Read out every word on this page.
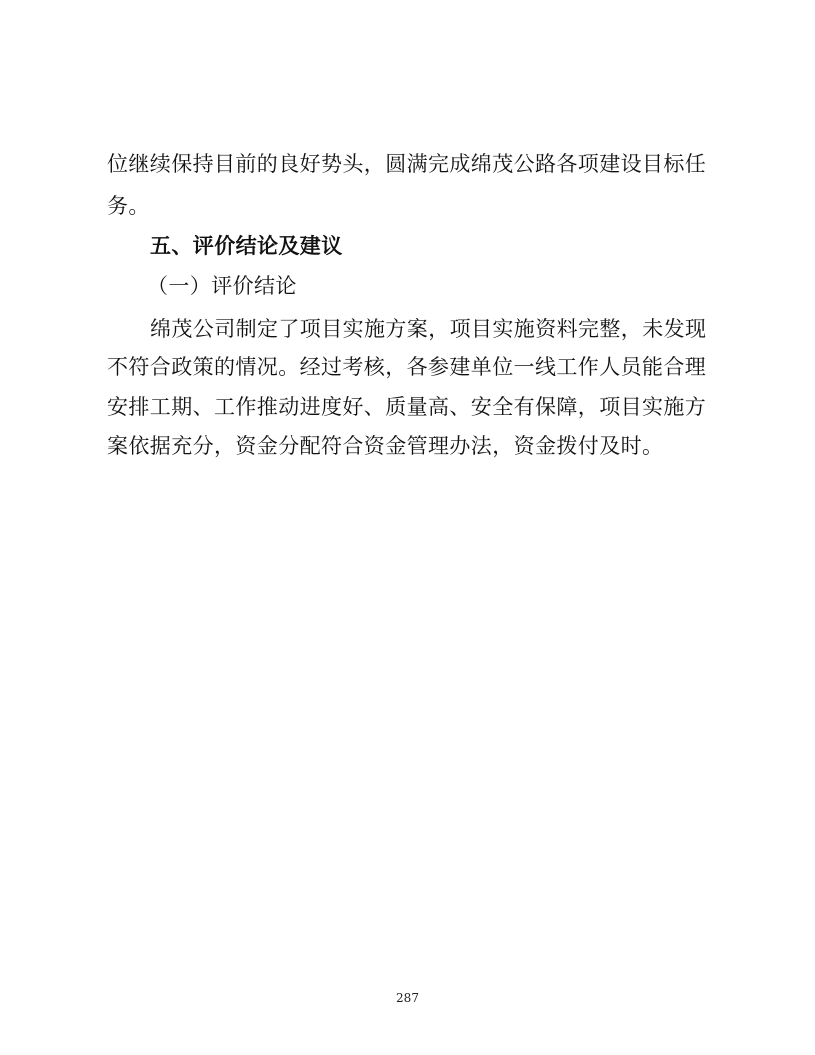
位继续保持目前的良好势头，圆满完成绵茂公路各项建设目标任
务。
五、评价结论及建议
（一）评价结论
绵茂公司制定了项目实施方案，项目实施资料完整，未发现
不符合政策的情况。经过考核，各参建单位一线工作人员能合理
安排工期、工作推动进度好、质量高、安全有保障，项目实施方
案依据充分，资金分配符合资金管理办法，资金拨付及时。
287
